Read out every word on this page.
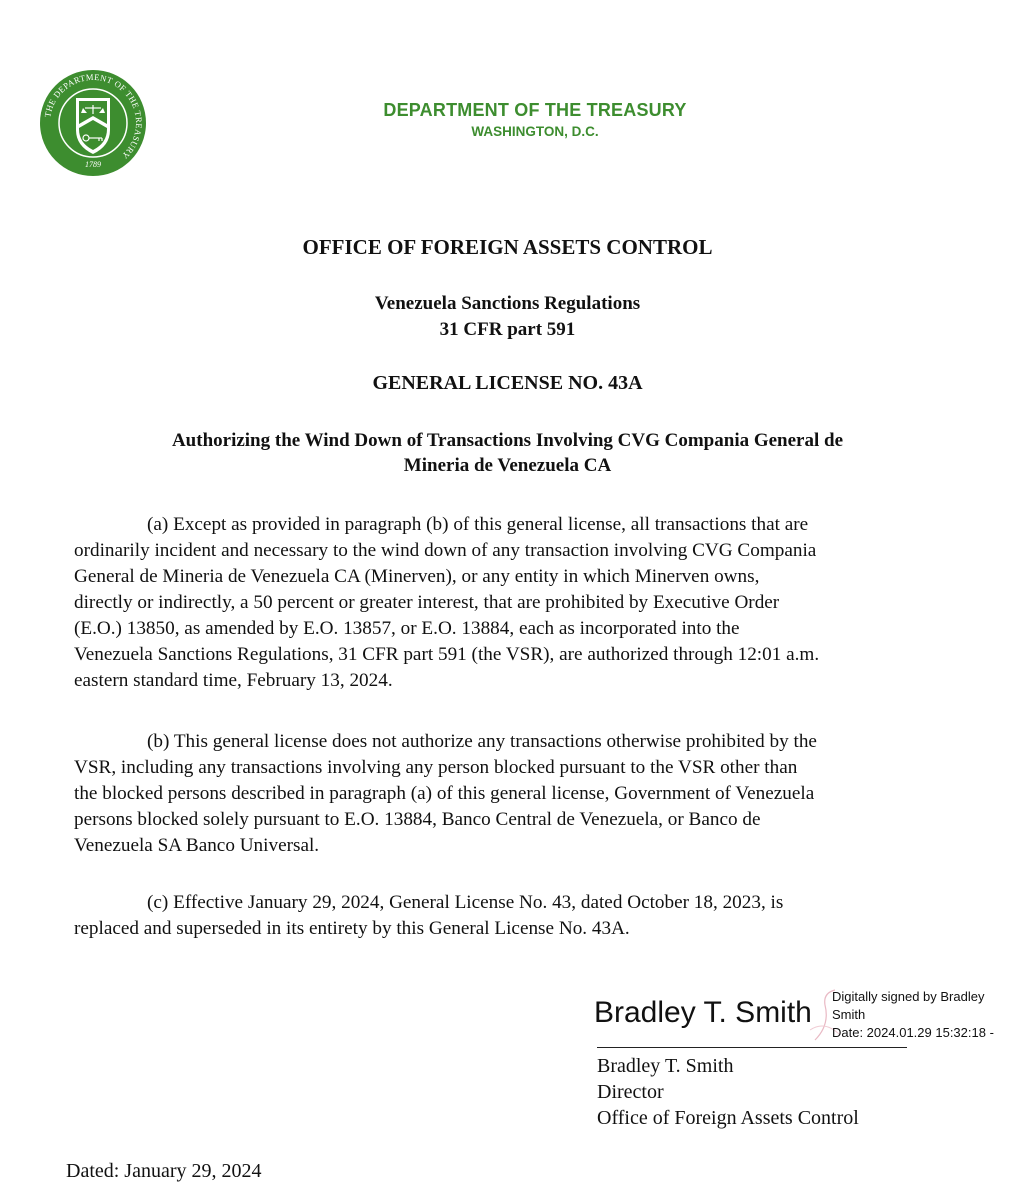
THE DEPARTMENT OF THE TREASURY
1789
DEPARTMENT OF THE TREASURY
WASHINGTON, D.C.
OFFICE OF FOREIGN ASSETS CONTROL
Venezuela Sanctions Regulations
31 CFR part 591
GENERAL LICENSE NO. 43A
Authorizing the Wind Down of Transactions Involving CVG Compania General de
Mineria de Venezuela CA
(a) Except as provided in paragraph (b) of this general license, all transactions that are
ordinarily incident and necessary to the wind down of any transaction involving CVG Compania
General de Mineria de Venezuela CA (Minerven), or any entity in which Minerven owns,
directly or indirectly, a 50 percent or greater interest, that are prohibited by Executive Order
(E.O.) 13850, as amended by E.O. 13857, or E.O. 13884, each as incorporated into the
Venezuela Sanctions Regulations, 31 CFR part 591 (the VSR), are authorized through 12:01 a.m.
eastern standard time, February 13, 2024.
(b) This general license does not authorize any transactions otherwise prohibited by the
VSR, including any transactions involving any person blocked pursuant to the VSR other than
the blocked persons described in paragraph (a) of this general license, Government of Venezuela
persons blocked solely pursuant to E.O. 13884, Banco Central de Venezuela, or Banco de
Venezuela SA Banco Universal.
(c) Effective January 29, 2024, General License No. 43, dated October 18, 2023, is
replaced and superseded in its entirety by this General License No. 43A.
Bradley T. Smith Digitally signed by Bradley
Smith
Date: 2024.01.29 15:32:18 -
Bradley T. Smith
Director
Office of Foreign Assets Control
Dated: January 29, 2024
